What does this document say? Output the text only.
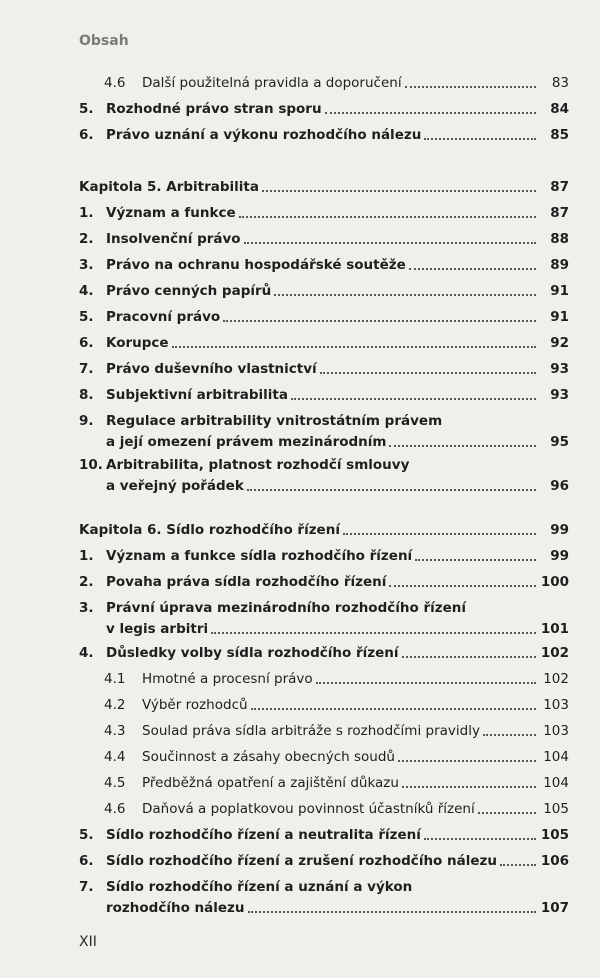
Obsah
4.6 Další použitelná pravidla a doporučení	83
5. Rozhodné právo stran sporu	84
6. Právo uznání a výkonu rozhodčího nálezu	85
Kapitola 5. Arbitrabilita	87
1. Význam a funkce	87
2. Insolvenční právo	88
3. Právo na ochranu hospodářské soutěže	89
4. Právo cenných papírů	91
5. Pracovní právo	91
6. Korupce	92
7. Právo duševního vlastnictví	93
8. Subjektivní arbitrabilita	93
9. Regulace arbitrability vnitrostátním právem
a její omezení právem mezinárodním	95
10. Arbitrabilita, platnost rozhodčí smlouvy
a veřejný pořádek	96
Kapitola 6. Sídlo rozhodčího řízení	99
1. Význam a funkce sídla rozhodčího řízení	99
2. Povaha práva sídla rozhodčího řízení	100
3. Právní úprava mezinárodního rozhodčího řízení
v legis arbitri	101
4. Důsledky volby sídla rozhodčího řízení	102
4.1 Hmotné a procesní právo	102
4.2 Výběr rozhodců	103
4.3 Soulad práva sídla arbitráže s rozhodčími pravidly	103
4.4 Součinnost a zásahy obecných soudů	104
4.5 Předběžná opatření a zajištění důkazu	104
4.6 Daňová a poplatkovou povinnost účastníků řízení	105
5. Sídlo rozhodčího řízení a neutralita řízení	105
6. Sídlo rozhodčího řízení a zrušení rozhodčího nálezu	106
7. Sídlo rozhodčího řízení a uznání a výkon
rozhodčího nálezu	107
XII
